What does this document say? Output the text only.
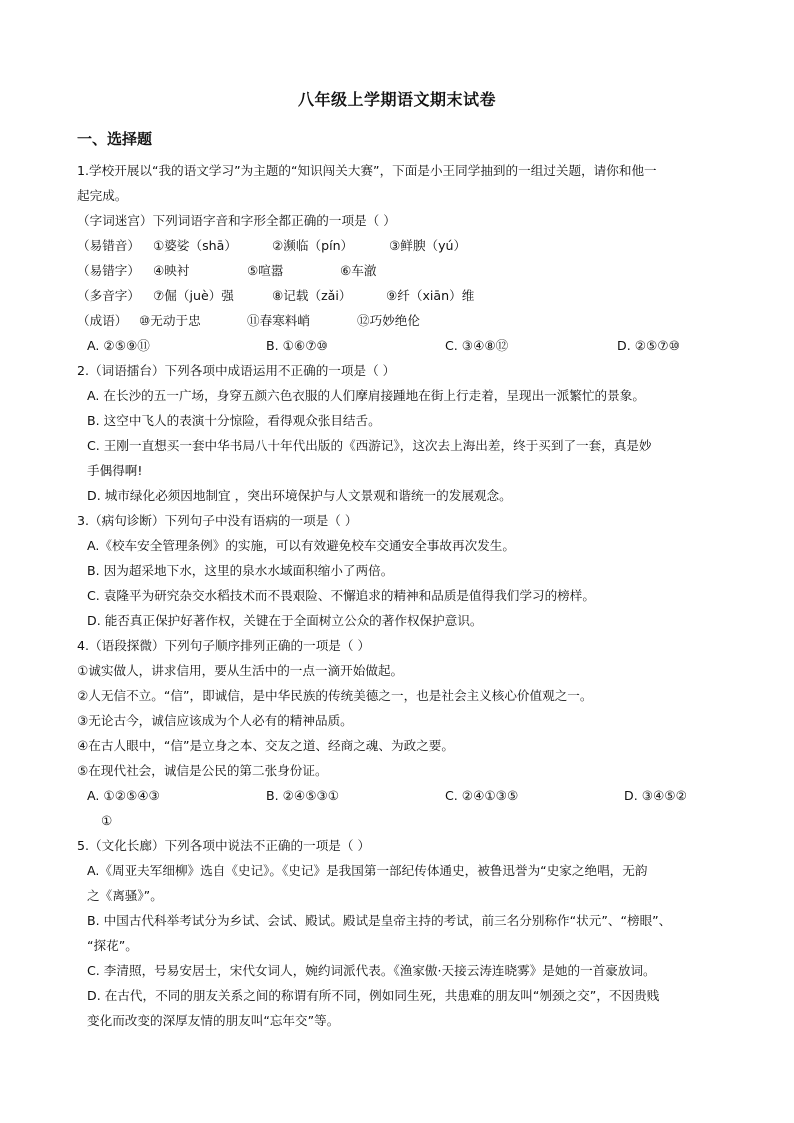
八年级上学期语文期末试卷
一、选择题
1.学校开展以“我的语文学习”为主题的“知识闯关大赛”，下面是小王同学抽到的一组过关题，请你和他一
起完成。
（字词迷宫）下列词语字音和字形全都正确的一项是（ ）
（易错音） ①婆娑（shā）	②濒临（pín）	③鲜腴（yú）
（易错字） ④映衬	⑤喧嚣	⑥车澈
（多音字） ⑦倔（juè）强	⑧记载（zǎi）	⑨纤（xiān）维
（成语） ⑩无动于忠	⑪春寒料峭	⑫巧妙绝伦
A. ②⑤⑨⑪	B. ①⑥⑦⑩	C. ③④⑧⑫	D. ②⑤⑦⑩
2.（词语擂台）下列各项中成语运用不正确的一项是（ ）
A. 在长沙的五一广场，身穿五颜六色衣服的人们摩肩接踵地在街上行走着，呈现出一派繁忙的景象。
B. 这空中飞人的表演十分惊险，看得观众张目结舌。
C. 王刚一直想买一套中华书局八十年代出版的《西游记》，这次去上海出差，终于买到了一套，真是妙
手偶得啊!
D. 城市绿化必须因地制宜 ，突出环境保护与人文景观和谐统一的发展观念。
3.（病句诊断）下列句子中没有语病的一项是（ ）
A.《校车安全管理条例》的实施，可以有效避免校车交通安全事故再次发生。
B. 因为超采地下水，这里的泉水水域面积缩小了两倍。
C. 袁隆平为研究杂交水稻技术而不畏艰险、不懈追求的精神和品质是值得我们学习的榜样。
D. 能否真正保护好著作权，关键在于全面树立公众的著作权保护意识。
4.（语段探微）下列句子顺序排列正确的一项是（ ）
①诚实做人，讲求信用，要从生活中的一点一滴开始做起。
②人无信不立。“信”，即诚信，是中华民族的传统美德之一，也是社会主义核心价值观之一。
③无论古今，诚信应该成为个人必有的精神品质。
④在古人眼中，“信”是立身之本、交友之道、经商之魂、为政之要。
⑤在现代社会，诚信是公民的第二张身份证。
A. ①②⑤④③	B. ②④⑤③①	C. ②④①③⑤	D. ③④⑤②
①
5.（文化长廊）下列各项中说法不正确的一项是（ ）
A.《周亚夫军细柳》选自《史记》。《史记》是我国第一部纪传体通史，被鲁迅誉为“史家之绝唱，无韵
之《离骚》”。
B. 中国古代科举考试分为乡试、会试、殿试。殿试是皇帝主持的考试，前三名分别称作“状元”、“榜眼”、
“探花”。
C. 李清照，号易安居士，宋代女词人，婉约词派代表。《渔家傲·天接云涛连晓雾》是她的一首豪放词。
D. 在古代，不同的朋友关系之间的称谓有所不同，例如同生死，共患难的朋友叫“刎颈之交”，不因贵贱
变化而改变的深厚友情的朋友叫“忘年交”等。
